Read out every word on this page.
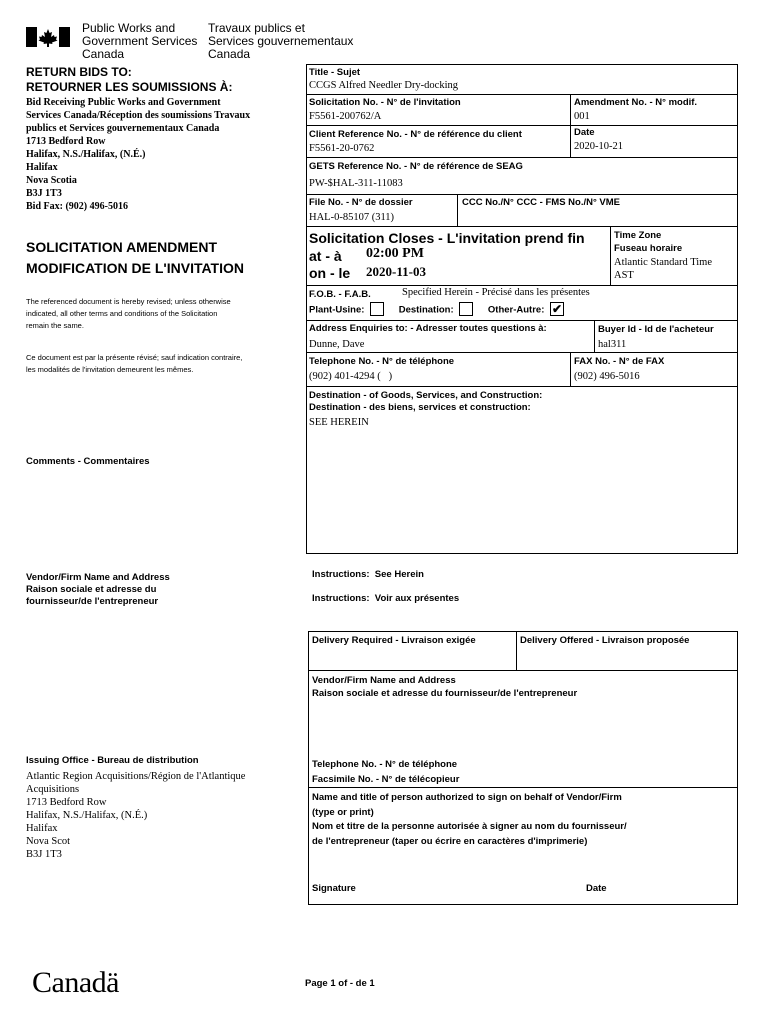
Public Works and
Government Services
Canada
Travaux publics et
Services gouvernementaux
Canada
RETURN BIDS TO:
RETOURNER LES SOUMISSIONS À:
Bid Receiving Public Works and Government
Services Canada/Réception des soumissions Travaux
publics et Services gouvernementaux Canada
1713 Bedford Row
Halifax, N.S./Halifax, (N.É.)
Halifax
Nova Scotia
B3J 1T3
Bid Fax: (902) 496-5016
SOLICITATION AMENDMENT
MODIFICATION DE L'INVITATION
The referenced document is hereby revised; unless otherwise
indicated, all other terms and conditions of the Solicitation
remain the same.
Ce document est par la présente révisé; sauf indication contraire,
les modalités de l'invitation demeurent les mêmes.
Comments - Commentaires
Vendor/Firm Name and Address
Raison sociale et adresse du
fournisseur/de l'entrepreneur
Issuing Office - Bureau de distribution
Atlantic Region Acquisitions/Région de l'Atlantique
Acquisitions
1713 Bedford Row
Halifax, N.S./Halifax, (N.É.)
Halifax
Nova Scot
B3J 1T3
Title - Sujet
CCGS Alfred Needler Dry-docking
Solicitation No. - N° de l'invitation
F5561-200762/A
Amendment No. - N° modif.
001
Client Reference No. - N° de référence du client
F5561-20-0762
Date
2020-10-21
GETS Reference No. - N° de référence de SEAG
PW-$HAL-311-11083
File No. - N° de dossier
HAL-0-85107 (311)
CCC No./N° CCC - FMS No./N° VME
Solicitation Closes - L'invitation prend fin
at - à 02:00 PM
on - le 2020-11-03
Time Zone
Fuseau horaire
Atlantic Standard Time
AST
F.O.B. - F.A.B.	Specified Herein - Précisé dans les présentes
Plant-Usine:	Destination:	Other-Autre: ✔
Address Enquiries to: - Adresser toutes questions à:
Dunne, Dave
Buyer Id - Id de l'acheteur
hal311
Telephone No. - N° de téléphone
(902) 401-4294 (   )
FAX No. - N° de FAX
(902) 496-5016
Destination - of Goods, Services, and Construction:
Destination - des biens, services et construction:
SEE HEREIN
Instructions:  See Herein
Instructions:  Voir aux présentes
Delivery Required - Livraison exigée	Delivery Offered - Livraison proposée
Vendor/Firm Name and Address
Raison sociale et adresse du fournisseur/de l'entrepreneur
Telephone No. - N° de téléphone
Facsimile No. - N° de télécopieur
Name and title of person authorized to sign on behalf of Vendor/Firm
(type or print)
Nom et titre de la personne autorisée à signer au nom du fournisseur/
de l'entrepreneur (taper ou écrire en caractères d'imprimerie)
Signature	Date
Canadä	Page 1 of - de 1
